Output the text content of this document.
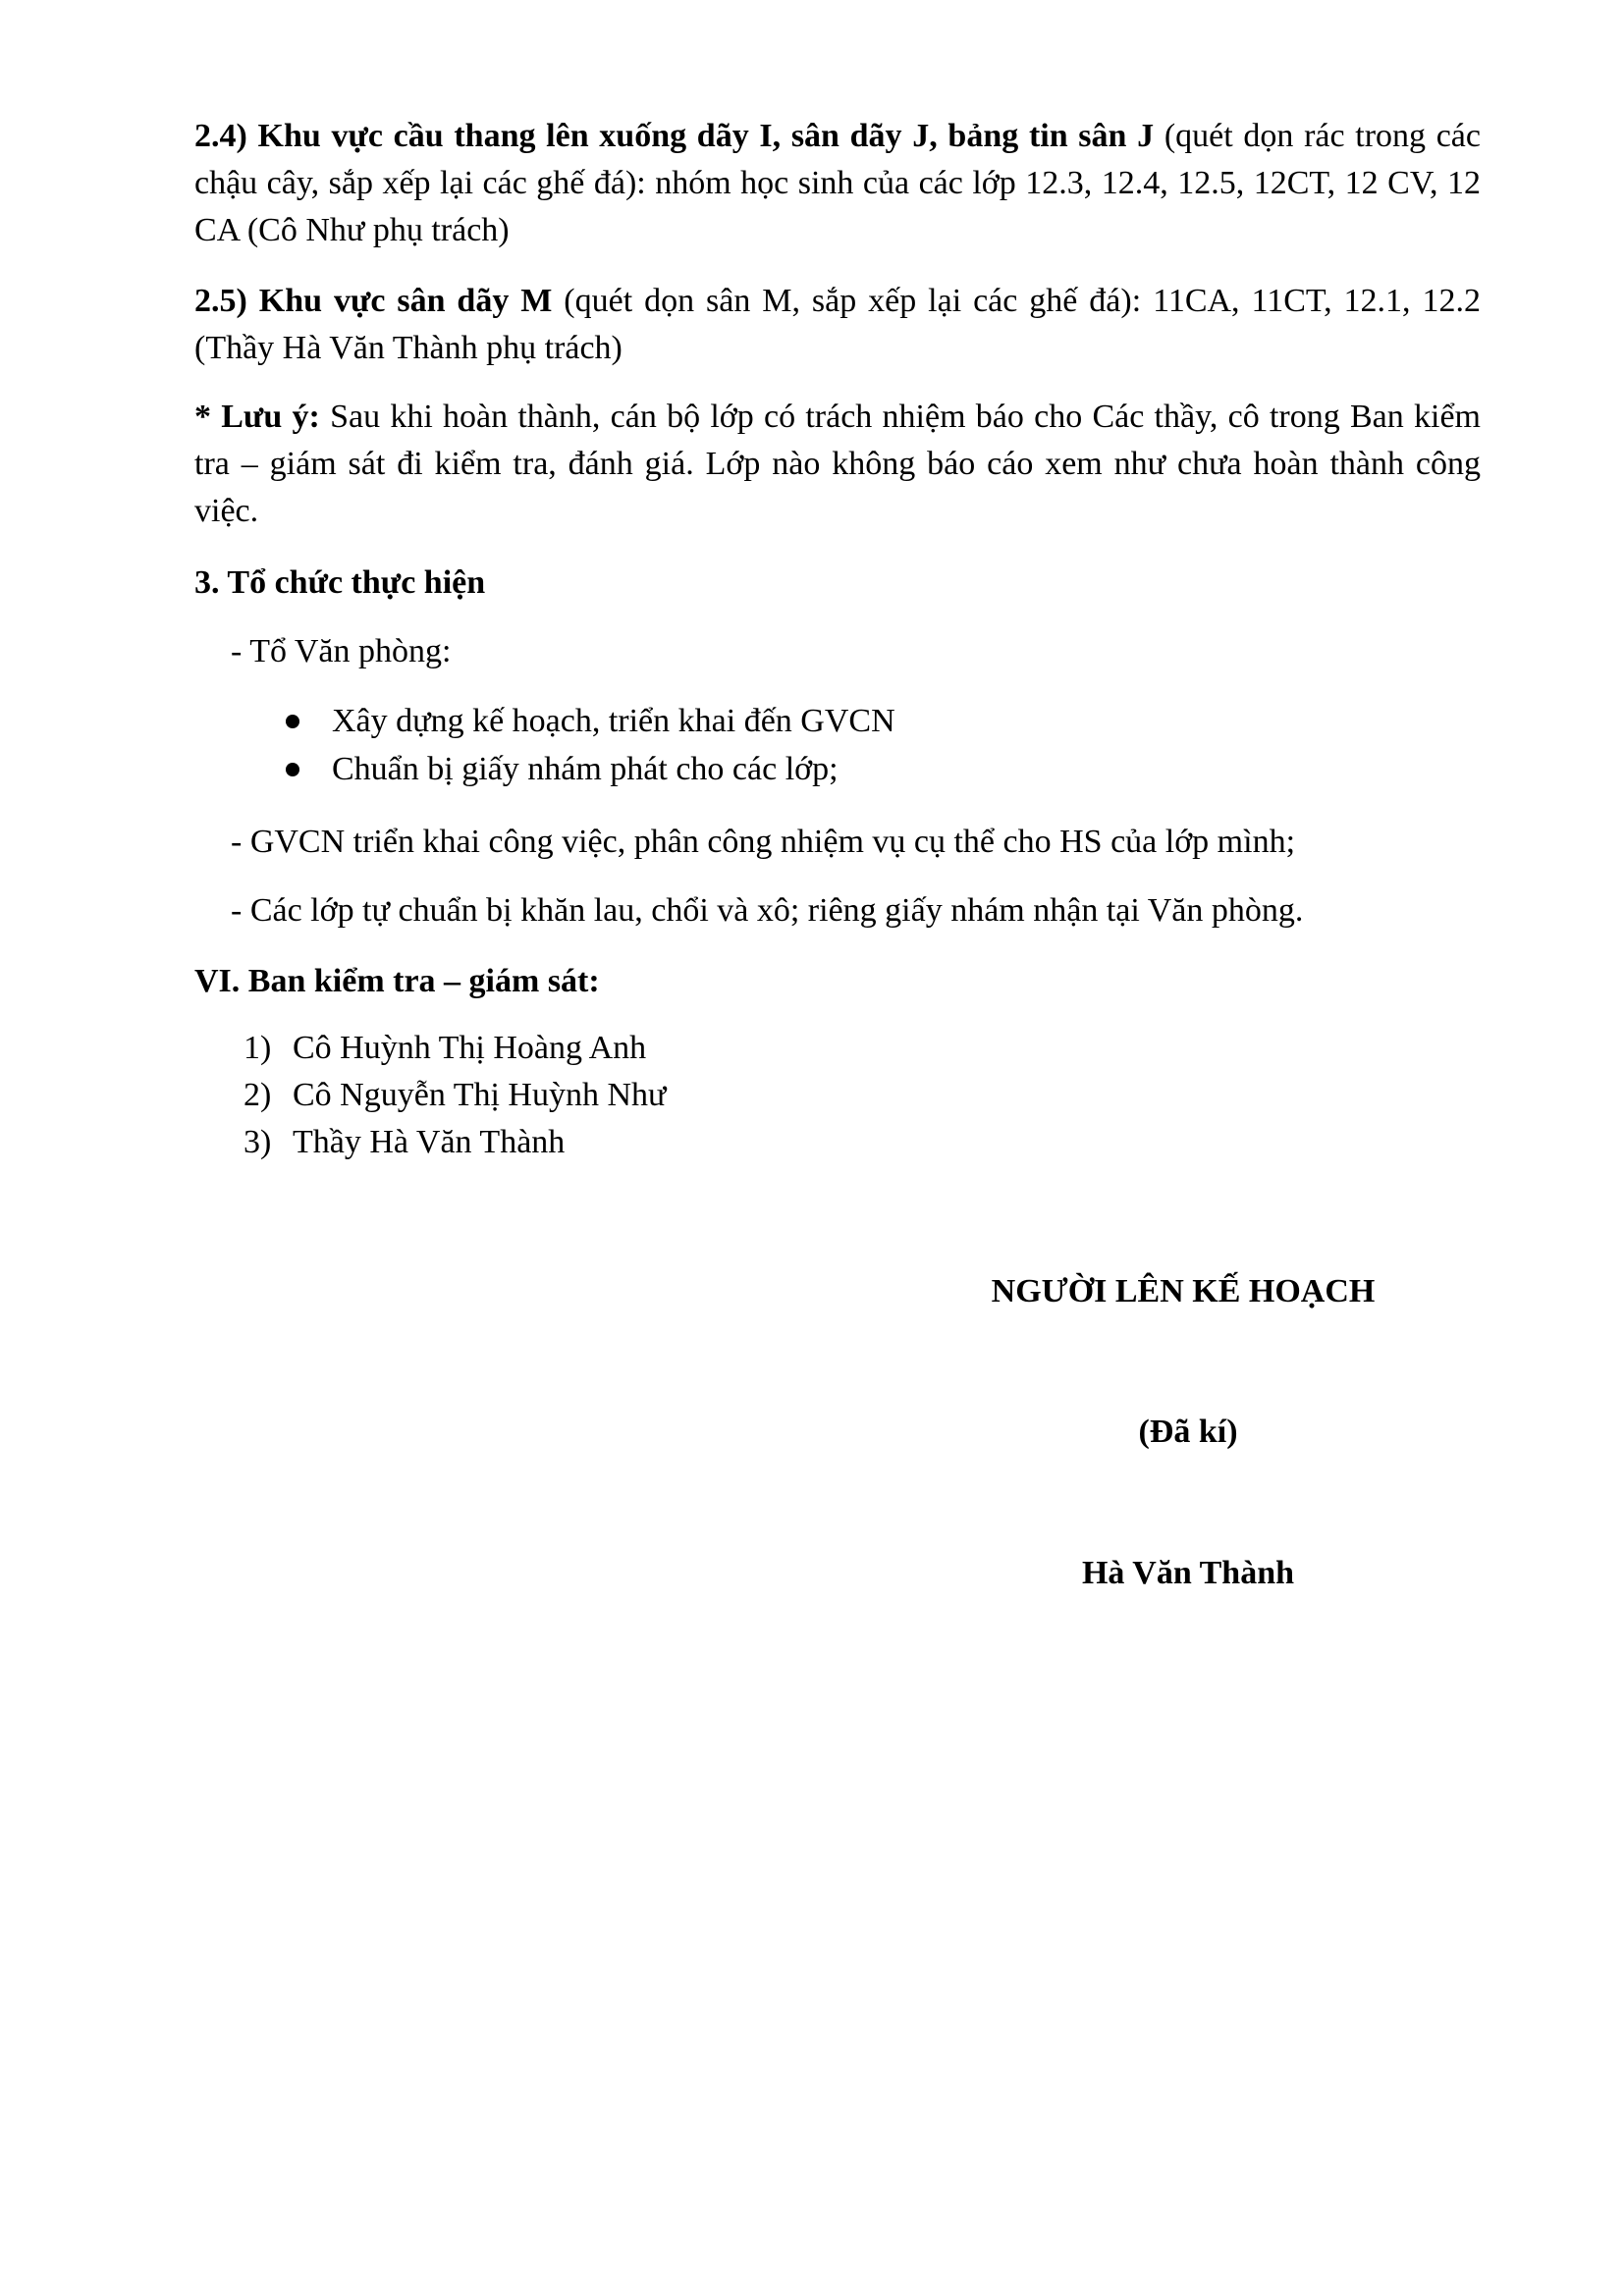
2.4) Khu vực cầu thang lên xuống dãy I, sân dãy J, bảng tin sân J (quét dọn rác trong các chậu cây, sắp xếp lại các ghế đá): nhóm học sinh của các lớp 12.3, 12.4, 12.5, 12CT, 12 CV, 12 CA (Cô Như phụ trách)

2.5) Khu vực sân dãy M (quét dọn sân M, sắp xếp lại các ghế đá): 11CA, 11CT, 12.1, 12.2 (Thầy Hà Văn Thành phụ trách)

* Lưu ý: Sau khi hoàn thành, cán bộ lớp có trách nhiệm báo cho Các thầy, cô trong Ban kiểm tra – giám sát đi kiểm tra, đánh giá. Lớp nào không báo cáo xem như chưa hoàn thành công việc.

3. Tổ chức thực hiện

- Tổ Văn phòng:

Xây dựng kế hoạch, triển khai đến GVCN

Chuẩn bị giấy nhám phát cho các lớp;

- GVCN triển khai công việc, phân công nhiệm vụ cụ thể cho HS của lớp mình;

- Các lớp tự chuẩn bị khăn lau, chổi và xô; riêng giấy nhám nhận tại Văn phòng.

VI. Ban kiểm tra – giám sát:

1) Cô Huỳnh Thị Hoàng Anh

2) Cô Nguyễn Thị Huỳnh Như

3) Thầy Hà Văn Thành

NGƯỜI LÊN KẾ HOẠCH

(Đã kí)

Hà Văn Thành
